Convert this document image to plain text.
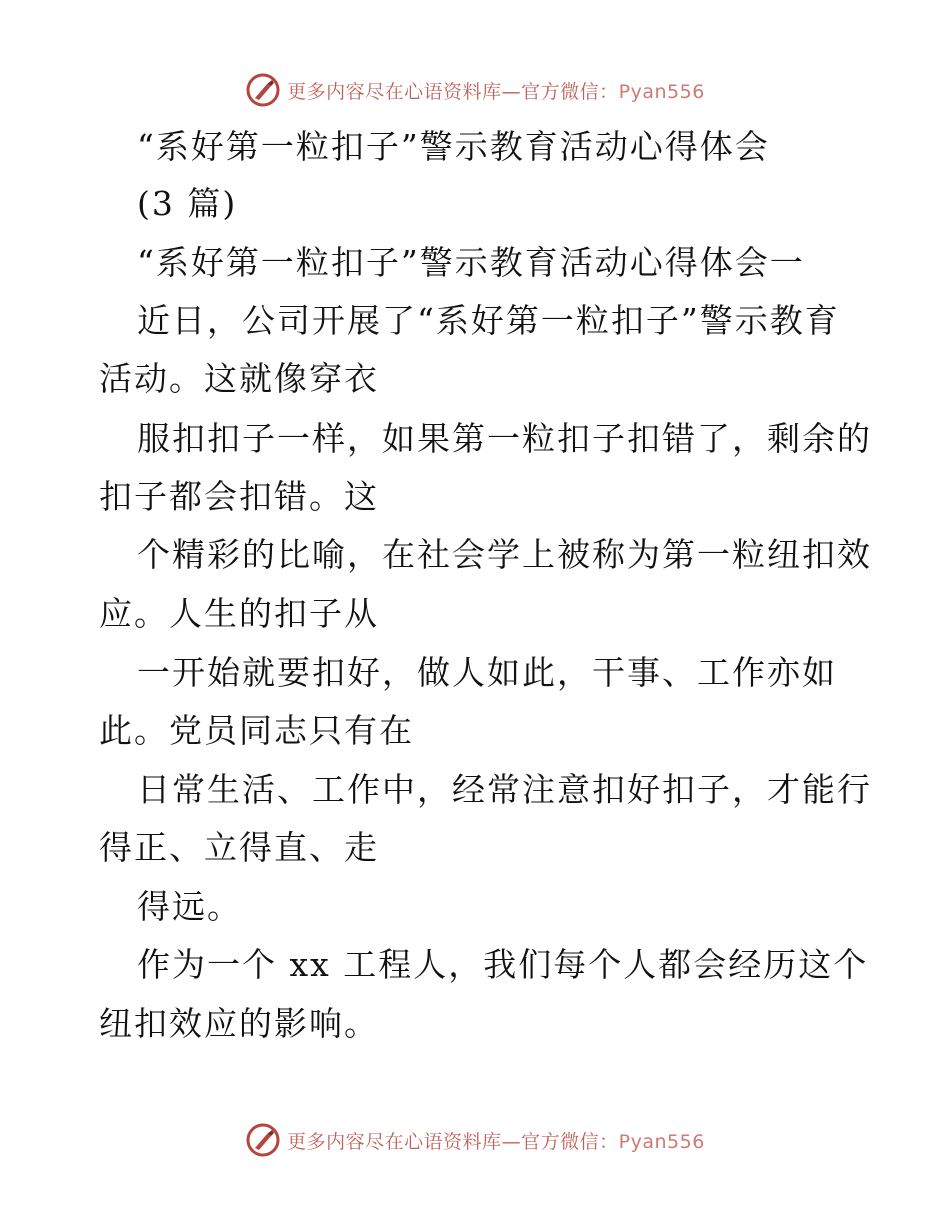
更多内容尽在心语资料库—官方微信：Pyan556
“系好第一粒扣子”警示教育活动心得体会
(3 篇)
“系好第一粒扣子”警示教育活动心得体会一
近日，公司开展了“系好第一粒扣子”警示教育
活动。这就像穿衣
服扣扣子一样，如果第一粒扣子扣错了，剩余的
扣子都会扣错。这
个精彩的比喻，在社会学上被称为第一粒纽扣效
应。人生的扣子从
一开始就要扣好，做人如此，干事、工作亦如
此。党员同志只有在
日常生活、工作中，经常注意扣好扣子，才能行
得正、立得直、走
得远。
作为一个 xx 工程人，我们每个人都会经历这个
纽扣效应的影响。
更多内容尽在心语资料库—官方微信：Pyan556
